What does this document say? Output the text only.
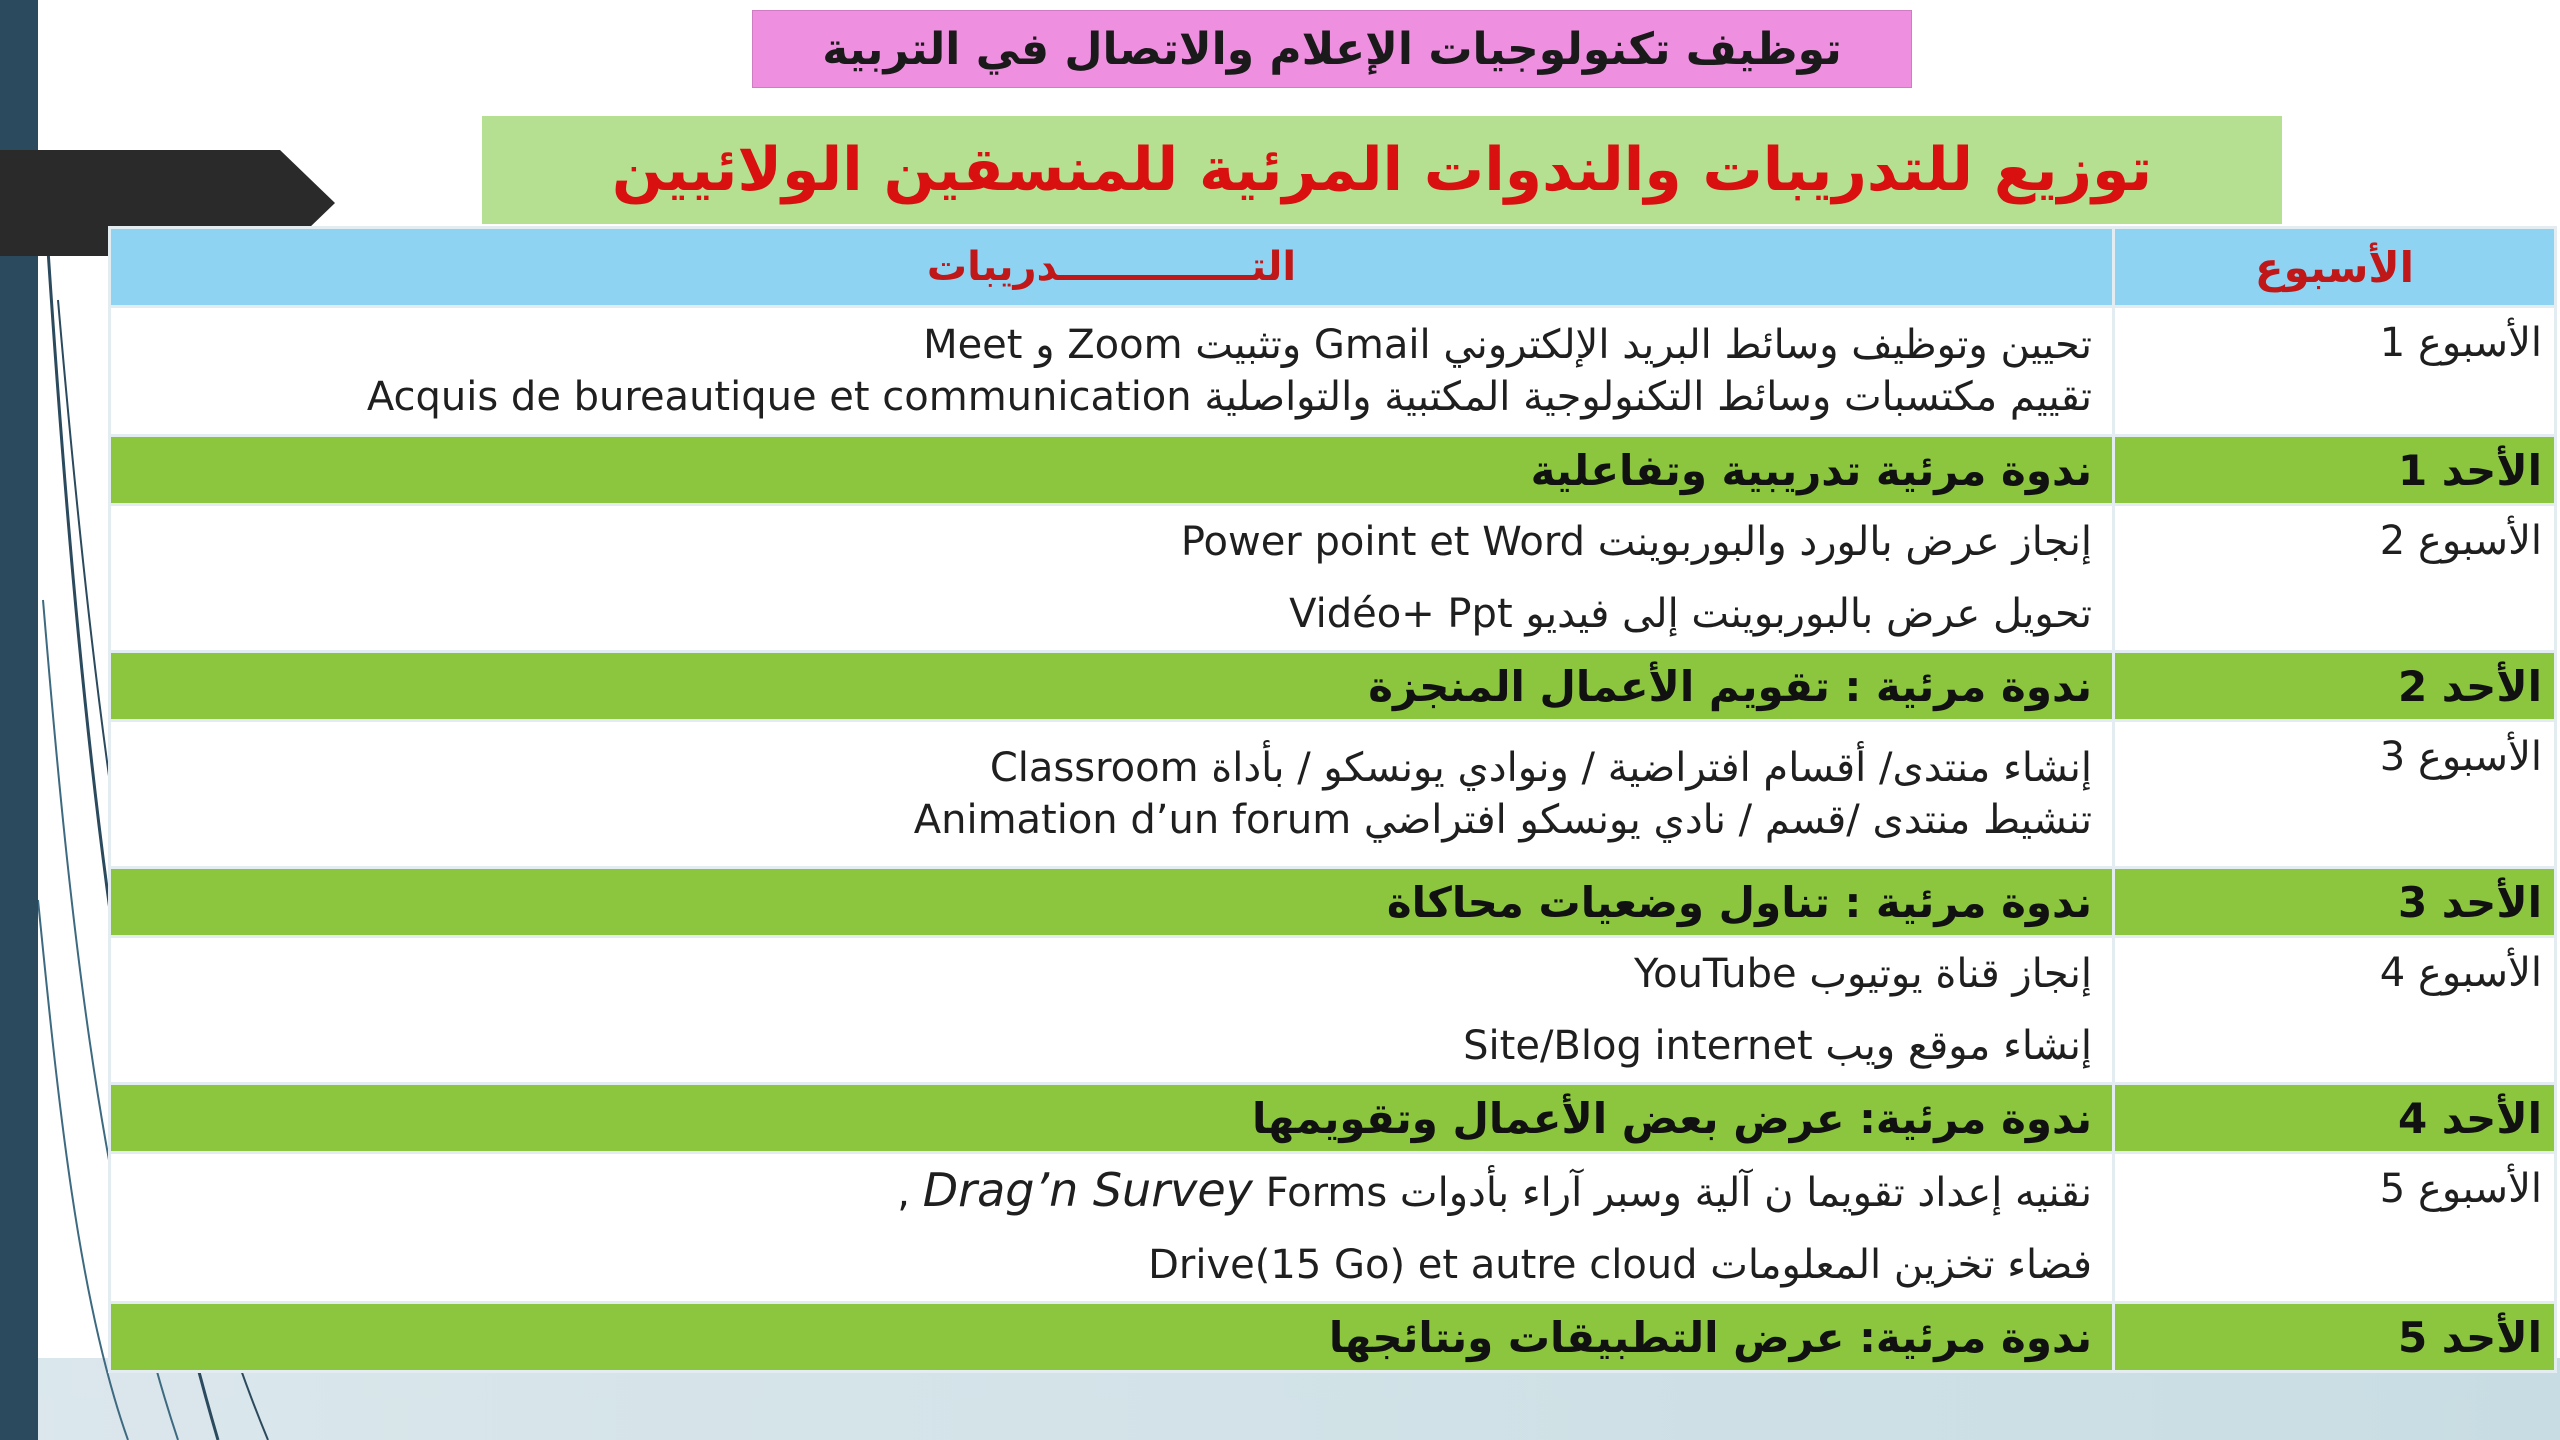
توظيف تكنولوجيات الإعلام والاتصال في التربية
توزيع للتدريبات والندوات المرئية للمنسقين الولائيين
التــــــــــــــدريبات	الأسبوع

تحيين وتوظيف وسائط البريد الإلكتروني Gmail وتثبيت Zoom و Meet
تقييم مكتسبات وسائط التكنولوجية المكتبية والتواصلية Acquis de bureautique et communication	الأسبوع 1
ندوة مرئية تدريبية وتفاعلية	الأحد 1

إنجاز عرض بالورد والبوربوينت Power point et Word
تحويل عرض بالبوربوينت إلى فيديو Vidéo+ Ppt	الأسبوع 2
ندوة مرئية : تقويم الأعمال المنجزة	الأحد 2

إنشاء منتدى/ أقسام افتراضية / ونوادي يونسكو / بأداة Classroom
تنشيط منتدى /قسم / نادي يونسكو افتراضي Animation d’un forum	الأسبوع 3
ندوة مرئية : تناول وضعيات محاكاة	الأحد 3

إنجاز قناة يوتيوب YouTube
إنشاء موقع ويب Site/Blog internet	الأسبوع 4
ندوة مرئية: عرض بعض الأعمال وتقويمها	الأحد 4

نقنيه إعداد تقويما ن آلية وسبر آراء بأدوات Drag’n Survey Forms ,
فضاء تخزين المعلومات Drive(15 Go) et autre cloud	الأسبوع 5
ندوة مرئية: عرض التطبيقات ونتائجها	الأحد 5
